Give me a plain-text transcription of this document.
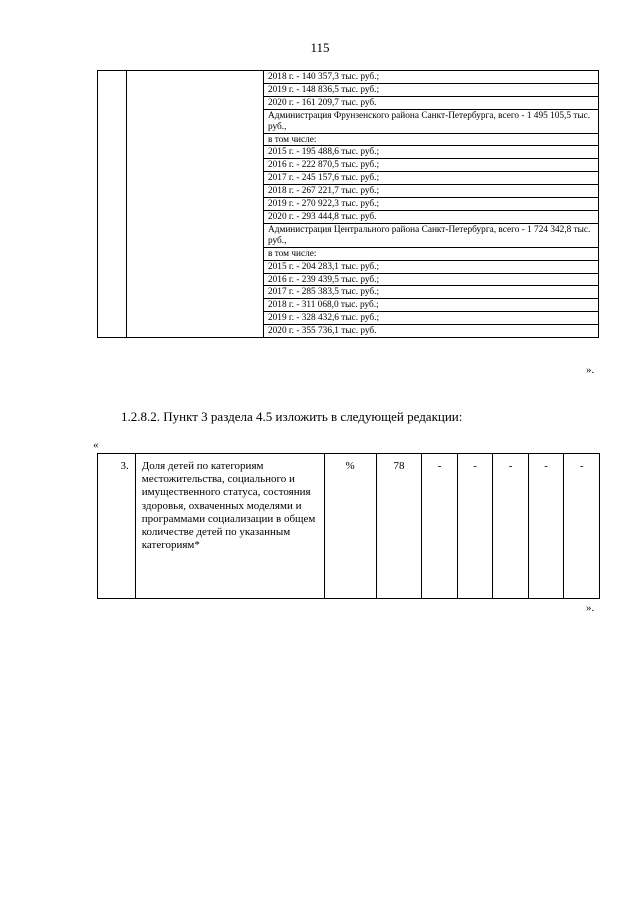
115
		2018 г. - 140 357,3 тыс. руб.;
2019 г. - 148 836,5 тыс. руб.;
2020 г. - 161 209,7 тыс. руб.
Администрация Фрунзенского района Санкт-Петербурга, всего - 1 495 105,5 тыс. руб.,
в том числе:
2015 г. - 195 488,6 тыс. руб.;
2016 г. - 222 870,5 тыс. руб.;
2017 г. - 245 157,6 тыс. руб.;
2018 г. - 267 221,7 тыс. руб.;
2019 г. - 270 922,3 тыс. руб.;
2020 г. - 293 444,8 тыс. руб.
Администрация Центрального района Санкт-Петербурга, всего - 1 724 342,8 тыс. руб.,
в том числе:
2015 г. - 204 283,1 тыс. руб.;
2016 г. - 239 439,5 тыс. руб.;
2017 г. - 285 383,5 тыс. руб.;
2018 г. - 311 068,0 тыс. руб.;
2019 г. - 328 432,6 тыс. руб.;
2020 г. - 355 736,1 тыс. руб.
».
1.2.8.2. Пункт 3 раздела 4.5 изложить в следующей редакции:
«
3.	Доля детей по категориям местожительства, социального и имущественного статуса, состояния здоровья, охваченных моделями и программами социализации в общем количестве детей по указанным категориям*	%	78	-	-	-	-	-
».
